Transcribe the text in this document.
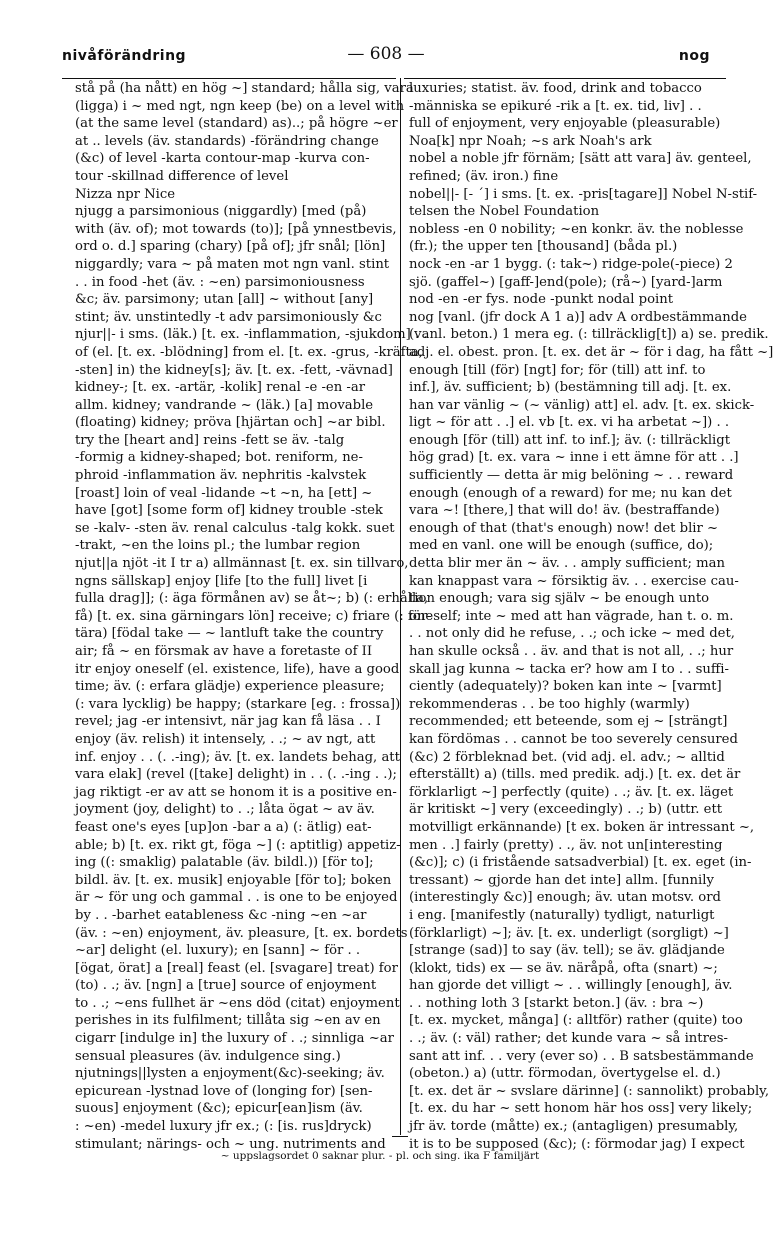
nivåförändring	— 608 —	nog
stå på (ha nått) en hög ~] standard; hålla sig, vara
(ligga) i ~ med ngt, ngn keep (be) on a level with
(at the same level (standard) as)..; på högre ~er
at .. levels (äv. standards) -förändring change
(&c) of level -karta contour-map -kurva con-
tour -skillnad difference of level
Nizza npr Nice
njugg a parsimonious (niggardly) [med (på)
with (äv. of); mot towards (to)]; [på ynnestbevis,
ord o. d.] sparing (chary) [på of]; jfr snål; [lön]
niggardly; vara ~ på maten mot ngn vanl. stint
. . in food -het (äv. : ~en) parsimoniousness
&c; äv. parsimony; utan [all] ~ without [any]
stint; äv. unstintedly -t adv parsimoniously &c
njur||- i sms. (läk.) [t. ex. -inflammation, -sjukdom] . .
of (el. [t. ex. -blödning] from el. [t. ex. -grus, -kräfta,
-sten] in) the kidney[s]; äv. [t. ex. -fett, -vävnad]
kidney-; [t. ex. -artär, -kolik] renal -e -en -ar
allm. kidney; vandrande ~ (läk.) [a] movable
(floating) kidney; pröva [hjärtan och] ~ar bibl.
try the [heart and] reins -fett se äv. -talg
-formig a kidney-shaped; bot. reniform, ne-
phroid -inflammation äv. nephritis -kalvstek
[roast] loin of veal -lidande ~t ~n, ha [ett] ~
have [got] [some form of] kidney trouble -stek
se -kalv- -sten äv. renal calculus -talg kokk. suet
-trakt, ~en the loins pl.; the lumbar region
njut||a njöt -it I tr a) allmännast [t. ex. sin tillvaro,
ngns sällskap] enjoy [life [to the full] livet [i
fulla drag]]; (: äga förmånen av) se åt~; b) (: erhålla,
få) [t. ex. sina gärningars lön] receive; c) friare (: för-
tära) [födal take — ~ lantluft take the country
air; få ~ en försmak av have a foretaste of II
itr enjoy oneself (el. existence, life), have a good
time; äv. (: erfara glädje) experience pleasure;
(: vara lycklig) be happy; (starkare [eg. : frossa])
revel; jag -er intensivt, när jag kan få läsa . . I
enjoy (äv. relish) it intensely, . .; ~ av ngt, att
inf. enjoy . . (. .-ing); äv. [t. ex. landets behag, att
vara elak] (revel ([take] delight) in . . (. .-ing . .);
jag riktigt -er av att se honom it is a positive en-
joyment (joy, delight) to . .; låta ögat ~ av äv.
feast one's eyes [up]on -bar a a) (: ätlig) eat-
able; b) [t. ex. rikt gt, föga ~] (: aptitlig) appetiz-
ing ((: smaklig) palatable (äv. bildl.)) [för to];
bildl. äv. [t. ex. musik] enjoyable [för to]; boken
är ~ för ung och gammal . . is one to be enjoyed
by . . -barhet eatableness &c -ning ~en ~ar
(äv. : ~en) enjoyment, äv. pleasure, [t. ex. bordets
~ar] delight (el. luxury); en [sann] ~ för . .
[ögat, örat] a [real] feast (el. [svagare] treat) for
(to) . .; äv. [ngn] a [true] source of enjoyment
to . .; ~ens fullhet är ~ens död (citat) enjoyment
perishes in its fulfilment; tillåta sig ~en av en
cigarr [indulge in] the luxury of . .; sinnliga ~ar
sensual pleasures (äv. indulgence sing.)
njutnings||lysten a enjoyment(&c)-seeking; äv.
epicurean -lystnad love of (longing for) [sen-
suous] enjoyment (&c); epicur[ean]ism (äv.
: ~en) -medel luxury jfr ex.; (: [is. rus]dryck)
stimulant; närings- och ~ ung. nutriments and
luxuries; statist. äv. food, drink and tobacco
-människa se epikuré -rik a [t. ex. tid, liv] . .
full of enjoyment, very enjoyable (pleasurable)
Noa[k] npr Noah; ~s ark Noah's ark
nobel a noble jfr förnäm; [sätt att vara] äv. genteel,
refined; (äv. iron.) fine
nobel||- [- ´] i sms. [t. ex. -pris[tagare]] Nobel N-stif-
telsen the Nobel Foundation
nobless -en 0 nobility; ~en konkr. äv. the noblesse
(fr.); the upper ten [thousand] (båda pl.)
nock -en -ar 1 bygg. (: tak~) ridge-pole(-piece) 2
sjö. (gaffel~) [gaff-]end(pole); (rå~) [yard-]arm
nod -en -er fys. node -punkt nodal point
nog [vanl. (jfr dock A 1 a)] adv A ordbestämmande
(vanl. beton.) 1 mera eg. (: tillräcklig[t]) a) se. predik.
adj. el. obest. pron. [t. ex. det är ~ för i dag, ha fått ~]
enough [till (för) [ngt] for; för (till) att inf. to
inf.], äv. sufficient; b) (bestämning till adj. [t. ex.
han var vänlig ~ (~ vänlig) att] el. adv. [t. ex. skick-
ligt ~ för att . .] el. vb [t. ex. vi ha arbetat ~]) . .
enough [för (till) att inf. to inf.]; äv. (: tillräckligt
hög grad) [t. ex. vara ~ inne i ett ämne för att . .]
sufficiently — detta är mig belöning ~ . . reward
enough (enough of a reward) for me; nu kan det
vara ~! [there,] that will do! äv. (bestraffande)
enough of that (that's enough) now! det blir ~
med en vanl. one will be enough (suffice, do);
detta blir mer än ~ äv. . . amply sufficient; man
kan knappast vara ~ försiktig äv. . . exercise cau-
tion enough; vara sig själv ~ be enough unto
oneself; inte ~ med att han vägrade, han t. o. m.
. . not only did he refuse, . .; och icke ~ med det,
han skulle också . . äv. and that is not all, . .; hur
skall jag kunna ~ tacka er? how am I to . . suffi-
ciently (adequately)? boken kan inte ~ [varmt]
rekommenderas . . be too highly (warmly)
recommended; ett beteende, som ej ~ [strängt]
kan fördömas . . cannot be too severely censured
(&c) 2 förbleknad bet. (vid adj. el. adv.; ~ alltid
efterställt) a) (tills. med predik. adj.) [t. ex. det är
förklarligt ~] perfectly (quite) . .; äv. [t. ex. läget
är kritiskt ~] very (exceedingly) . .; b) (uttr. ett
motvilligt erkännande) [t ex. boken är intressant ~,
men . .] fairly (pretty) . ., äv. not un[interesting
(&c)]; c) (i fristående satsadverbial) [t. ex. eget (in-
tressant) ~ gjorde han det inte] allm. [funnily
(interestingly &c)] enough; äv. utan motsv. ord
i eng. [manifestly (naturally) tydligt, naturligt
(förklarligt) ~]; äv. [t. ex. underligt (sorgligt) ~]
[strange (sad)] to say (äv. tell); se äv. glädjande
(klokt, tids) ex — se äv. näråpå, ofta (snart) ~;
han gjorde det villigt ~ . . willingly [enough], äv.
. . nothing loth 3 [starkt beton.] (äv. : bra ~)
[t. ex. mycket, många] (: alltför) rather (quite) too
. .; äv. (: väl) rather; det kunde vara ~ så intres-
sant att inf. . . very (ever so) . . B satsbestämmande
(obeton.) a) (uttr. förmodan, övertygelse el. d.)
[t. ex. det är ~ svslare därinne] (: sannolikt) probably,
[t. ex. du har ~ sett honom här hos oss] very likely;
jfr äv. torde (måtte) ex.; (antagligen) presumably,
it is to be supposed (&c); (: förmodar jag) I expect
~ uppslagsordet 0 saknar plur. - pl. och sing. ika F familjärt
